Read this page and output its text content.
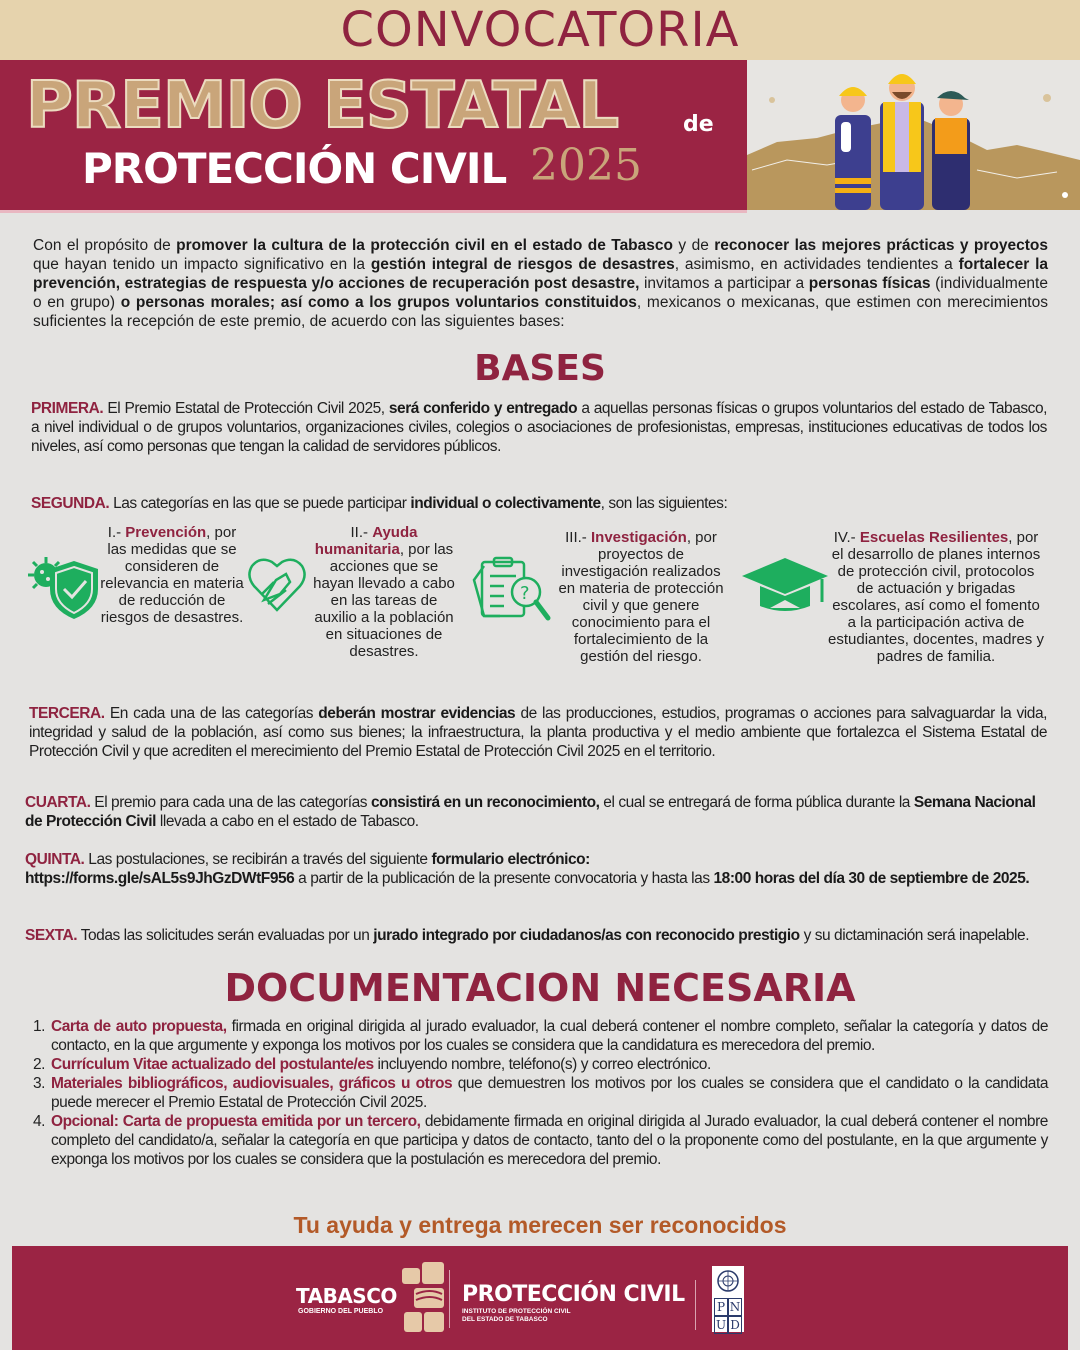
CONVOCATORIA
PREMIO ESTATAL	de
PROTECCIÓN CIVIL 2025
Con el propósito de promover la cultura de la protección civil en el estado de Tabasco y de reconocer las mejores prácticas y proyectos que hayan tenido un impacto significativo en la gestión integral de riesgos de desastres, asimismo, en actividades tendientes a fortalecer la prevención, estrategias de respuesta y/o acciones de recuperación post desastre, invitamos a participar a personas físicas (individualmente o en grupo) o personas morales; así como a los grupos voluntarios constituidos, mexicanos o mexicanas, que estimen con merecimientos suficientes la recepción de este premio, de acuerdo con las siguientes bases:
BASES
PRIMERA. El Premio Estatal de Protección Civil 2025, será conferido y entregado a aquellas personas físicas o grupos voluntarios del estado de Tabasco, a nivel individual o de grupos voluntarios, organizaciones civiles, colegios o asociaciones de profesionistas, empresas, instituciones educativas de todos los niveles, así como personas que tengan la calidad de servidores públicos.
SEGUNDA. Las categorías en las que se puede participar individual o colectivamente, son las siguientes:
I.- Prevención, por las medidas que se consideren de relevancia en materia de reducción de riesgos de desastres.
II.- Ayuda humanitaria, por las acciones que se hayan llevado a cabo en las tareas de auxilio a la población en situaciones de desastres.
?
III.- Investigación, por proyectos de investigación realizados en materia de protección civil y que genere conocimiento para el fortalecimiento de la gestión del riesgo.
IV.- Escuelas Resilientes, por el desarrollo de planes internos de protección civil, protocolos de actuación y brigadas escolares, así como el fomento a la participación activa de estudiantes, docentes, madres y padres de familia.
TERCERA. En cada una de las categorías deberán mostrar evidencias de las producciones, estudios, programas o acciones para salvaguardar la vida, integridad y salud de la población, así como sus bienes; la infraestructura, la planta productiva y el medio ambiente que fortalezca el Sistema Estatal de Protección Civil y que acrediten el merecimiento del Premio Estatal de Protección Civil 2025 en el territorio.
CUARTA. El premio para cada una de las categorías consistirá en un reconocimiento, el cual se entregará de forma pública durante la Semana Nacional de Protección Civil llevada a cabo en el estado de Tabasco.
QUINTA. Las postulaciones, se recibirán a través del siguiente formulario electrónico:
https://forms.gle/sAL5s9JhGzDWtF956 a partir de la publicación de la presente convocatoria y hasta las 18:00 horas del día 30 de septiembre de 2025.
SEXTA. Todas las solicitudes serán evaluadas por un jurado integrado por ciudadanos/as con reconocido prestigio y su dictaminación será inapelable.
DOCUMENTACION NECESARIA
1. Carta de auto propuesta, firmada en original dirigida al jurado evaluador, la cual deberá contener el nombre completo, señalar la categoría y datos de contacto, en la que argumente y exponga los motivos por los cuales se considera que la candidatura es merecedora del premio.
2. Currículum Vitae actualizado del postulante/es incluyendo nombre, teléfono(s) y correo electrónico.
3. Materiales bibliográficos, audiovisuales, gráficos u otros que demuestren los motivos por los cuales se considera que el candidato o la candidata puede merecer el Premio Estatal de Protección Civil 2025.
4. Opcional: Carta de propuesta emitida por un tercero, debidamente firmada en original dirigida al Jurado evaluador, la cual deberá contener el nombre completo del candidato/a, señalar la categoría en que participa y datos de contacto, tanto del o la proponente como del postulante, en la que argumente y exponga los motivos por los cuales se considera que la postulación es merecedora del premio.
Tu ayuda y entrega merecen ser reconocidos
TABASCO
GOBIERNO DEL PUEBLO
PROTECCIÓN CIVIL
INSTITUTO DE PROTECCIÓN CIVIL
DEL ESTADO DE TABASCO
P N
U D
